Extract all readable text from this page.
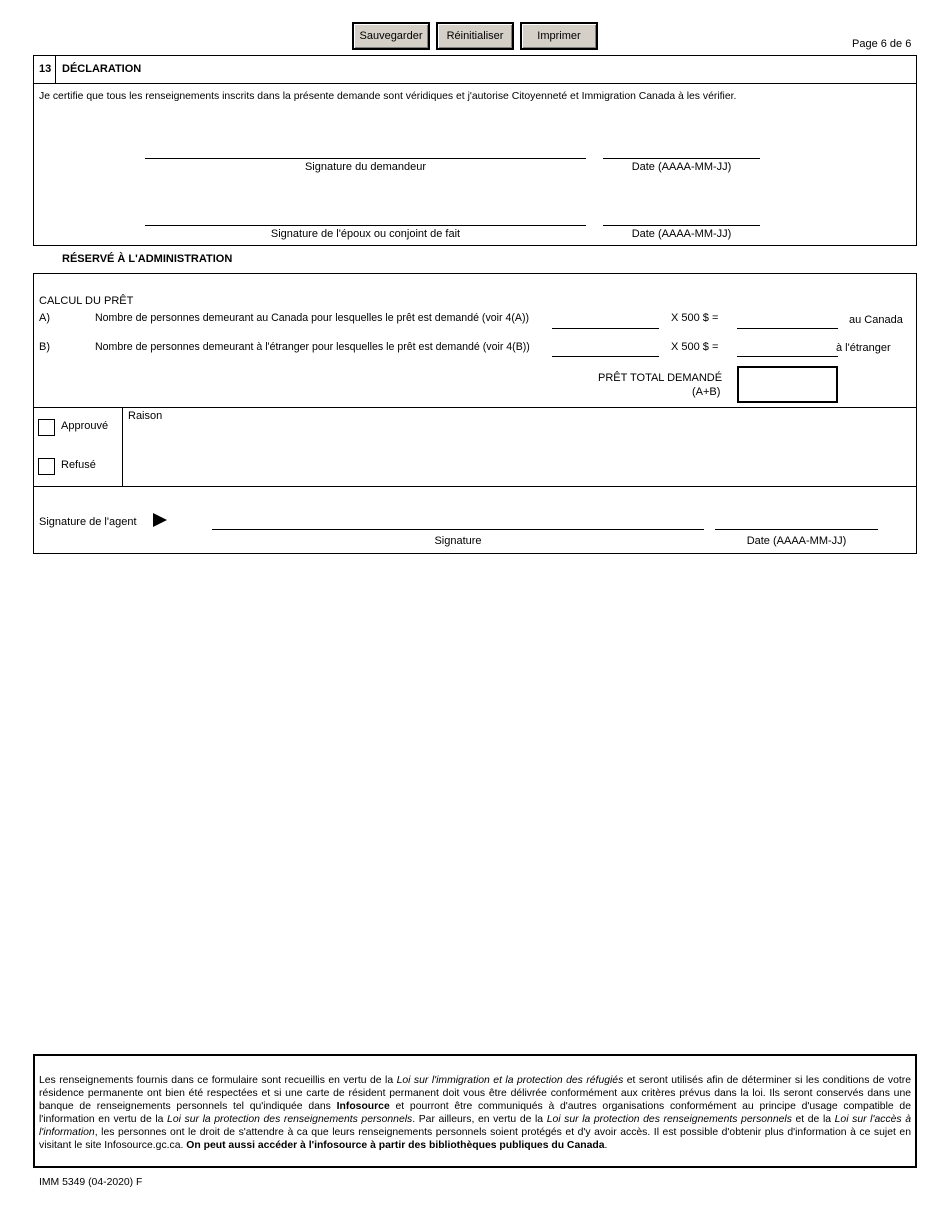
Sauvegarder	Réinitialiser	Imprimer
Page 6 de 6
13 DÉCLARATION
Je certifie que tous les renseignements inscrits dans la présente demande sont véridiques et j'autorise Citoyenneté et Immigration Canada à les vérifier.
Signature du demandeur	Date (AAAA-MM-JJ)
Signature de l'époux ou conjoint de fait	Date (AAAA-MM-JJ)
RÉSERVÉ À L'ADMINISTRATION
CALCUL DU PRÊT
A)	Nombre de personnes demeurant au Canada pour lesquelles le prêt est demandé (voir 4(A))	X 500 $ =	au Canada
B)	Nombre de personnes demeurant à l'étranger pour lesquelles le prêt est demandé (voir 4(B))	X 500 $ =	à l'étranger
PRÊT TOTAL DEMANDÉ
(A+B)
Approuvé
Refusé
Raison
Signature de l'agent
Signature	Date (AAAA-MM-JJ)
Les renseignements fournis dans ce formulaire sont recueillis en vertu de la Loi sur l'immigration et la protection des réfugiés et seront utilisés afin de déterminer si les conditions de votre résidence permanente ont bien été respectées et si une carte de résident permanent doit vous être délivrée conformément aux critères prévus dans la loi. Ils seront conservés dans une banque de renseignements personnels tel qu'indiquée dans Infosource et pourront être communiqués à d'autres organisations conformément au principe d'usage compatible de l'information en vertu de la Loi sur la protection des renseignements personnels. Par ailleurs, en vertu de la Loi sur la protection des renseignements personnels et de la Loi sur l'accès à l'information, les personnes ont le droit de s'attendre à ca que leurs renseignements personnels soient protégés et d'y avoir accès. Il est possible d'obtenir plus d'information à ce sujet en visitant le site Infosource.gc.ca. On peut aussi accéder à l'infosource à partir des bibliothèques publiques du Canada.
IMM 5349 (04-2020) F
